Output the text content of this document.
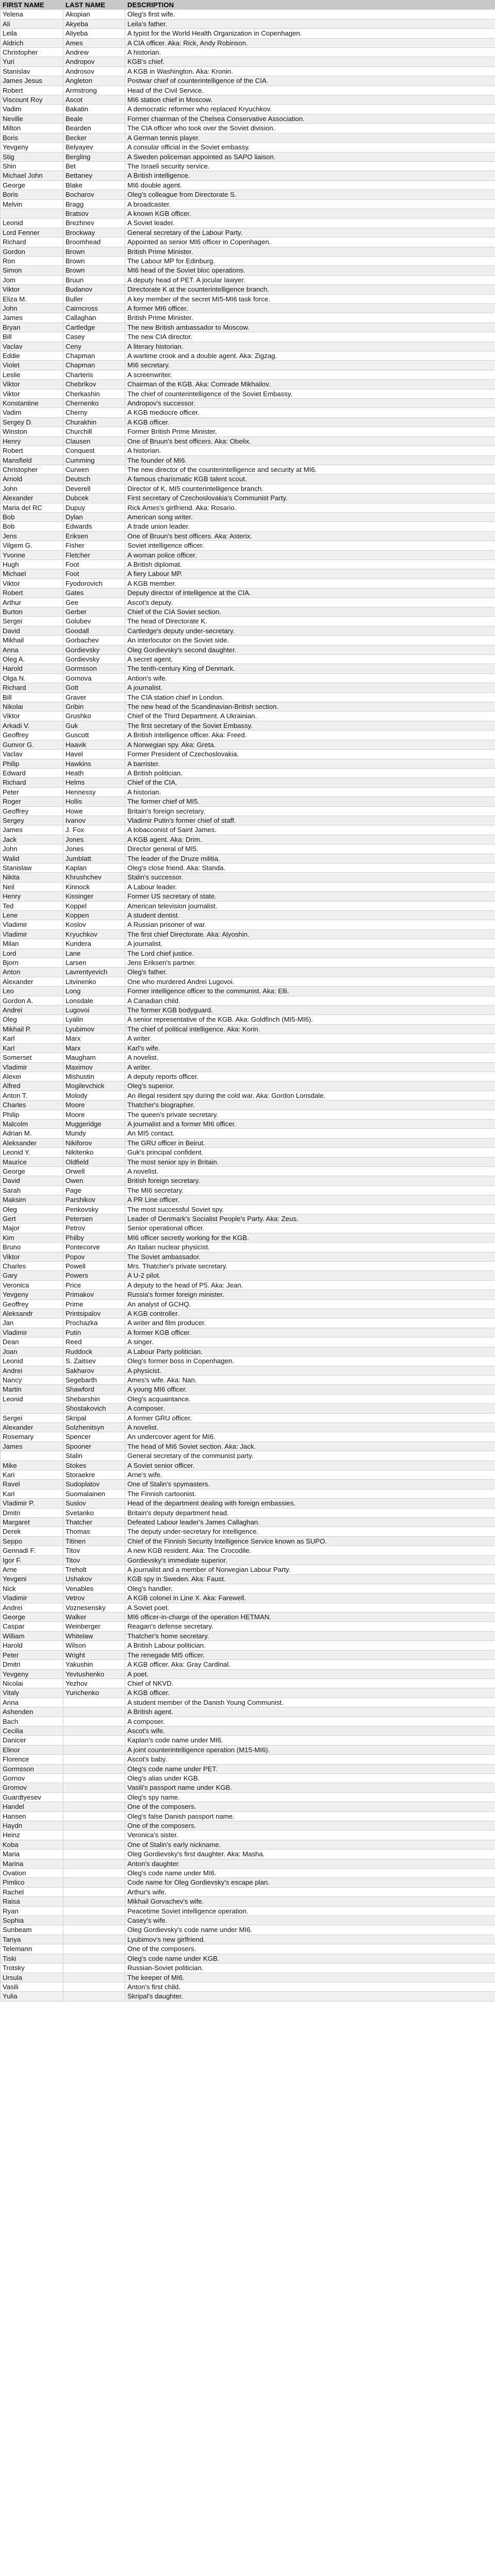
FIRST NAME	LAST NAME	DESCRIPTION
Yelena	Akopian	Oleg's first wife.
Ali	Akyeba	Leila's father.
Leila	Aliyeba	A typist for the World Health Organization in Copenhagen.
Aldrich	Ames	A CIA officer. Aka: Rick, Andy Robinson.
Christopher	Andrew	A historian.
Yuri	Andropov	KGB's chief.
Stanislav	Androsov	A KGB in Washington. Aka: Kronin.
James Jesus	Angleton	Postwar chief of counterintelligence of the CIA.
Robert	Armstrong	Head of the Civil Service.
Viscount Roy	Ascot	MI6 station chief in Moscow.
Vadim	Bakatin	A democratic reformer who replaced Kryuchkov.
Neville	Beale	Former chairman of the Chelsea Conservative Association.
Milton	Bearden	The CIA officer who took over the Soviet division.
Boris	Becker	A German tennis player.
Yevgeny	Belyayev	A consular official in the Soviet embassy.
Stig	Bergling	A Sweden policeman appointed as SAPO liaison.
Shin	Bet	The Israeli security service.
Michael John	Bettaney	A British intelligence.
George	Blake	MI6 double agent.
Boris	Bocharov	Oleg's colleague from Directorate S.
Melvin	Bragg	A broadcaster.
	Bratsov	A known KGB officer.
Leonid	Brezhnev	A Soviet leader.
Lord Fenner	Brockway	General secretary of the Labour Party.
Richard	Broomhead	Appointed as senior MI6 officer in Copenhagen.
Gordon	Brown	British Prime Minister.
Ron	Brown	The Labour MP for Edinburg.
Simon	Brown	MI6 head of the Soviet bloc operations.
Jom	Bruun	A deputy head of PET. A jocular lawyer.
Viktor	Budanov	Directorate K at the counterintelligence branch.
Eliza M.	Buller	A key member of the secret MI5-MI6 task force.
John	Cairncross	A former MI6 officer.
James	Callaghan	British Prime Minister.
Bryan	Cartledge	The new British ambassador to Moscow.
Bill	Casey	The new CIA director.
Vaclav	Ceny	A literary historian.
Eddie	Chapman	A wartime crook and a double agent. Aka: Zigzag.
Violet	Chapman	MI6 secretary.
Leslie	Charteris	A screenwriter.
Viktor	Chebrikov	Chairman of the KGB. Aka: Comrade Mikhailov.
Viktor	Cherkashin	The chief of counterintelligence of the Soviet Embassy.
Konstantine	Chernenko	Andropov's successor.
Vadim	Cherny	A KGB mediocre officer.
Sergey D.	Churakhin	A KGB officer.
Winston	Churchill	Former British Prime Minister.
Henry	Clausen	One of Bruun's best officers. Aka: Obelix.
Robert	Conquest	A historian.
Mansfield	Cumming	The founder of MI6.
Christopher	Curwen	The new director of the counterintelligence and security at MI6.
Arnold	Deutsch	A famous charismatic KGB talent scout.
John	Deverell	Director of K, MI5 counterintelligence branch.
Alexander	Dubcek	First secretary of Czechoslovakia's Communist Party.
Maria del RC	Dupuy	Rick Ames's girlfriend. Aka: Rosario.
Bob	Dylan	American song writer.
Bob	Edwards	A trade union leader.
Jens	Eriksen	One of Bruun's best officers. Aka: Asterix.
Vilgem G.	Fisher	Soviet intelligence officer.
Yvonne	Fletcher	A woman police officer.
Hugh	Foot	A British diplomat.
Michael	Foot	A fiery Labour MP.
Viktor	Fyodorovich	A KGB member.
Robert	Gates	Deputy director of intelligence at the CIA.
Arthur	Gee	Ascot's deputy.
Burton	Gerber	Chief of the CIA Soviet section.
Sergei	Golubev	The head of Directorate K.
David	Goodall	Cartledge's deputy under-secretary.
Mikhail	Gorbachev	An interlocutor on the Soviet side.
Anna	Gordievsky	Oleg Gordievsky's second daughter.
Oleg A.	Gordievsky	A secret agent.
Harold	Gormsson	The tenth-century King of Denmark.
Olga N.	Gornova	Antion's wife.
Richard	Gott	A journalist.
Bill	Graver	The CIA station chief in London.
Nikolai	Gribin	The new head of the Scandinavian-British section.
Viktor	Grushko	Chief of the Third Department. A Ukrainian.
Arkadi V.	Guk	The first secretary of the Soviet Embassy.
Geoffrey	Guscott	A British intelligence officer. Aka: Freed.
Gunvor G.	Haavik	A Norwegian spy. Aka: Greta.
Vaclav	Havel	Former President of Czechoslovakia.
Philip	Hawkins	A barrister.
Edward	Heath	A British politician.
Richard	Helms	Chief of the CIA.
Peter	Hennessy	A historian.
Roger	Hollis	The former chief of MI5.
Geoffrey	Howe	Britain's foreign secretary.
Sergey	Ivanov	Vladimir Putin's former chief of staff.
James	J. Fox	A tobacconist of Saint James.
Jack	Jones	A KGB agent. Aka: Drim.
John	Jones	Director general of MI5.
Walid	Jumblatt	The leader of the Druze militia.
Stanislaw	Kaplan	Oleg's close friend. Aka: Standa.
Nikita	Khrushchev	Stalin's successor.
Neil	Kinnock	A Labour leader.
Henry	Kissinger	Former US secretary of state.
Ted	Koppel	American television journalist.
Lene	Koppen	A student dentist.
Vladimir	Koslov	A Russian prisoner of war.
Vladimir	Kryuchkov	The first chief Directorate. Aka: Alyoshin.
Milan	Kundera	A journalist.
Lord	Lane	The Lord chief justice.
Bjorn	Larsen	Jens Eriksen's partner.
Anton	Lavrentyevich	Oleg's father.
Alexander	Litvinenko	One who murdered Andrei Lugovoi.
Leo	Long	Former intelligence officer to the communist. Aka: Elli.
Gordon A.	Lonsdale	A Canadian child.
Andrei	Lugovoi	The former KGB bodyguard.
Oleg	Lyalin	A senior representative of the KGB. Aka: Goldfinch (MI5-MI6).
Mikhail P.	Lyubimov	The chief of political intelligence. Aka: Korin.
Karl	Marx	A writer.
Karl	Marx	Karl's wife.
Somerset	Maugham	A novelist.
Vladimir	Maximov	A writer.
Alexei	Mishustin	A deputy reports officer.
Alfred	Mogilevchick	Oleg's superior.
Anton T.	Molody	An illegal resident spy during the cold war. Aka: Gordon Lonsdale.
Charles	Moore	Thatcher's biographer.
Philip	Moore	The queen's private secretary.
Malcolm	Muggeridge	A journalist and a former MI6 officer.
Adrian M.	Mundy	An MI5 contact.
Aleksander	Nikiforov	The GRU officer in Beirut.
Leonid Y.	Nikitenko	Guk's principal confident.
Maurice	Oldfield	The most senior spy in Britain.
George	Orwell	A novelist.
David	Owen	British foreign secretary.
Sarah	Page	The MI6 secretary.
Maksim	Parshikov	A PR Line officer.
Oleg	Penkovsky	The most successful Soviet spy.
Gert	Petersen	Leader of Denmark's Socialist People's Party. Aka: Zeus.
Major	Petrov	Senior operational officer.
Kim	Philby	MI6 officer secretly working for the KGB.
Bruno	Pontecorve	An Italian nuclear physicist.
Viktor	Popov	The Soviet ambassador.
Charles	Powell	Mrs. Thatcher's private secretary.
Gary	Powers	A U-2 pilot.
Veronica	Price	A deputy to the head of P5. Aka: Jean.
Yevgeny	Primakov	Russia's former foreign minister.
Geoffrey	Prime	An analyst of GCHQ.
Aleksandr	Printsipalov	A KGB controller.
Jan	Prochazka	A writer and film producer.
Vladimir	Putin	A former KGB officer.
Dean	Reed	A singer.
Joan	Ruddock	A Labour Party politician.
Leonid	S. Zaitsev	Oleg's former boss in Copenhagen.
Andrei	Sakharov	A physicist.
Nancy	Segebarth	Ames's wife. Aka: Nan.
Martin	Shawford	A young MI6 officer.
Leonid	Shebarshin	Oleg's acquaintance.
	Shostakovich	A composer.
Sergei	Skripal	A former GRU officer.
Alexander	Solzhenitsyn	A novelist.
Rosemary	Spencer	An undercover agent for MI6.
James	Spooner	The head of MI6 Soviet section. Aka: Jack.
	Stalin	General secretary of the communist party.
Mike	Stokes	A Soviet senior officer.
Kari	Storaekre	Arne's wife.
Ravel	Sudoplatov	One of Stalin's spymasters.
Kari	Suomalainen	The Finnish cartoonist.
Vladimir P.	Suslov	Head of the department dealing with foreign embassies.
Dmitri	Svetanko	Britain's deputy department head.
Margaret	Thatcher	Defeated Labour leader's James Callaghan.
Derek	Thomas	The deputy under-secretary for intelligence.
Seppo	Titinen	Chief of the Finnish Security Intelligence Service known as SUPO.
Gennadi F.	Titov	A new KGB resident. Aka: The Crocodile.
Igor F.	Titov	Gordievsky's immediate superior.
Arne	Treholt	A journalist and a member of Norwegian Labour Party.
Yevgeni	Ushakov	KGB spy in Sweden. Aka: Faust.
Nick	Venables	Oleg's handler.
Vladimir	Vetrov	A KGB colonel in Line X. Aka: Farewell.
Andrei	Voznesensky	A Soviet poet.
George	Walker	MI6 officer-in-charge of the operation HETMAN.
Caspar	Weinberger	Reagan's defense secretary.
William	Whitelaw	Thatcher's home secretary.
Harold	Wilson	A British Labour politician.
Peter	Wright	The renegade MI5 officer.
Dmitri	Yakushin	A KGB officer. Aka: Gray Cardinal.
Yevgeny	Yevtushenko	A poet.
Nicolai	Yezhov	Chief of NKVD.
Vitaly	Yurichenko	A KGB officer.
Anna		A student member of the Danish Young Communist.
Ashenden		A British agent.
Bach		A composer.
Cecilia		Ascot's wife.
Danicer		Kaplan's code name under MI6.
Elinor		A joint counterintelligence operation (M15-MI6).
Florence		Ascot's baby.
Gormsson		Oleg's code name under PET.
Gornov		Oleg's alias under KGB.
Gromov		Vasili's passport name under KGB.
Guardtyesev		Oleg's spy name.
Handel		One of the composers.
Hansen		Oleg's false Danish passport name.
Haydn		One of the composers.
Heinz		Veronica's sister.
Koba		One of Stalin's early nickname.
Maria		Oleg Gordievsky's first daughter. Aka: Masha.
Marina		Anton's daughter.
Ovation		Oleg's code name under MI6.
Pimlico		Code name for Oleg Gordievsky's escape plan.
Rachel		Arthur's wife.
Raisa		Mikhail Gorvachev's wife.
Ryan		Peacetime Soviet intelligence operation.
Sophia		Casey's wife.
Sunbeam		Oleg Gordievsky's code name under MI6.
Tanya		Lyubimov's new girlfriend.
Telemann		One of the composers.
Tiski		Oleg's code name under KGB.
Trotsky		Russian-Soviet politician.
Ursula		The keeper of MI6.
Vasili		Anton's first child.
Yulia		Skripal's daughter.
